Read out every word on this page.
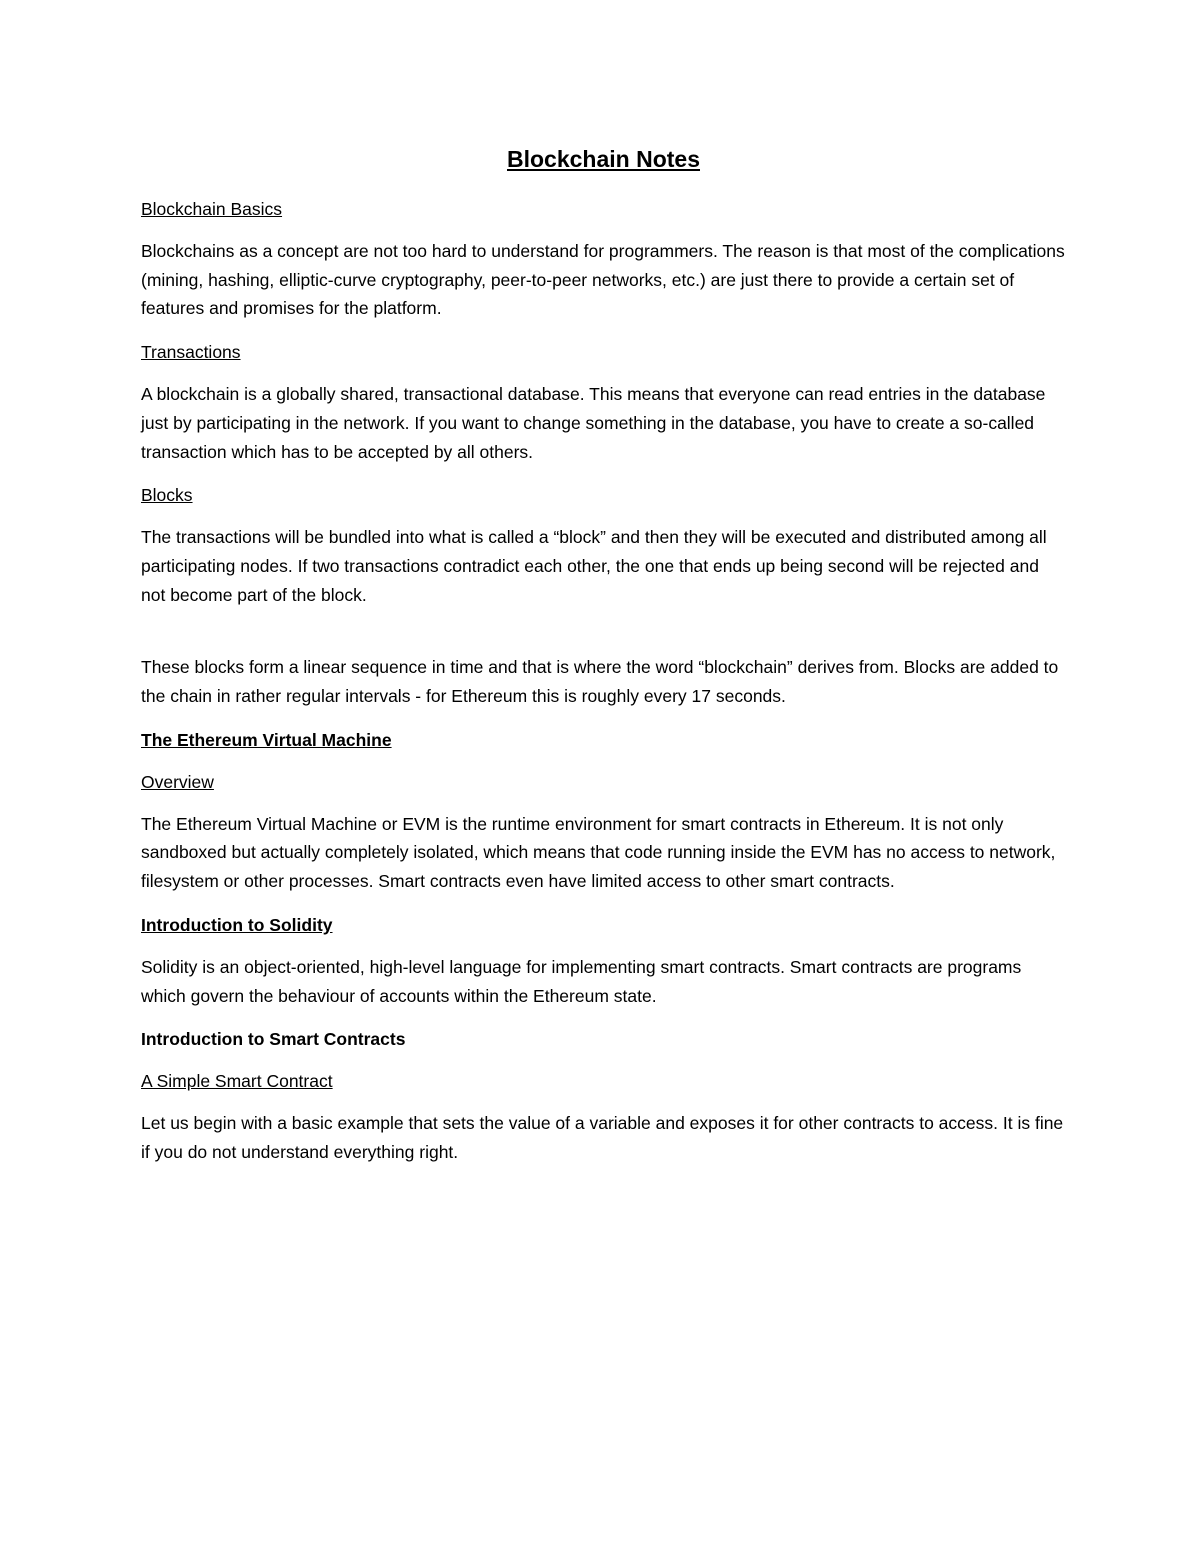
Blockchain Notes
Blockchain Basics
Blockchains as a concept are not too hard to understand for programmers. The reason is that most of the complications (mining, hashing, elliptic-curve cryptography, peer-to-peer networks, etc.) are just there to provide a certain set of features and promises for the platform.
Transactions
A blockchain is a globally shared, transactional database. This means that everyone can read entries in the database just by participating in the network. If you want to change something in the database, you have to create a so-called transaction which has to be accepted by all others.
Blocks
The transactions will be bundled into what is called a “block” and then they will be executed and distributed among all participating nodes. If two transactions contradict each other, the one that ends up being second will be rejected and not become part of the block.
These blocks form a linear sequence in time and that is where the word “blockchain” derives from. Blocks are added to the chain in rather regular intervals - for Ethereum this is roughly every 17 seconds.
The Ethereum Virtual Machine
Overview
The Ethereum Virtual Machine or EVM is the runtime environment for smart contracts in Ethereum. It is not only sandboxed but actually completely isolated, which means that code running inside the EVM has no access to network, filesystem or other processes. Smart contracts even have limited access to other smart contracts.
Introduction to Solidity
Solidity is an object-oriented, high-level language for implementing smart contracts. Smart contracts are programs which govern the behaviour of accounts within the Ethereum state.
Introduction to Smart Contracts
A Simple Smart Contract
Let us begin with a basic example that sets the value of a variable and exposes it for other contracts to access. It is fine if you do not understand everything right.
